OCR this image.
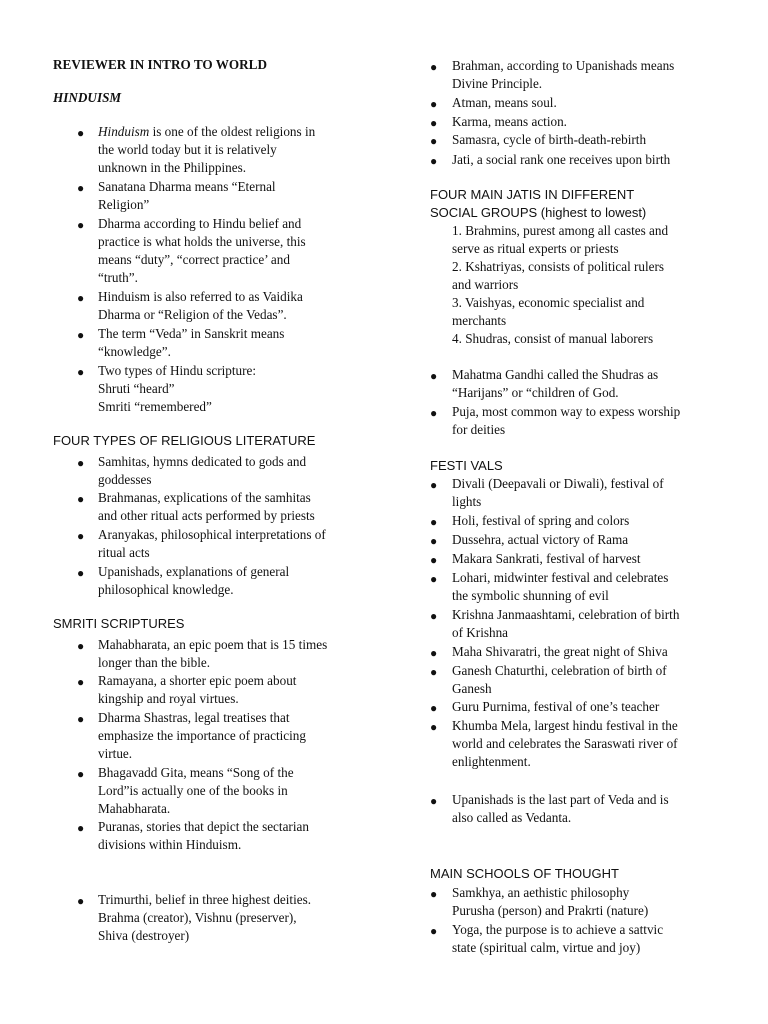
REVIEWER IN INTRO TO WORLD
HINDUISM
● Hinduism is one of the oldest religions in
the world today but it is relatively
unknown in the Philippines.
● Sanatana Dharma means “Eternal
Religion”
● Dharma according to Hindu belief and
practice is what holds the universe, this
means “duty”, “correct practice’ and
“truth”.
● Hinduism is also referred to as Vaidika
Dharma or “Religion of the Vedas”.
● The term “Veda” in Sanskrit means
“knowledge”.
● Two types of Hindu scripture:
Shruti “heard”
Smriti “remembered”
FOUR TYPES OF RELIGIOUS LITERATURE
● Samhitas, hymns dedicated to gods and
goddesses
● Brahmanas, explications of the samhitas
and other ritual acts performed by priests
● Aranyakas, philosophical interpretations of
ritual acts
● Upanishads, explanations of general
philosophical knowledge.
SMRITI SCRIPTURES
● Mahabharata, an epic poem that is 15 times
longer than the bible.
● Ramayana, a shorter epic poem about
kingship and royal virtues.
● Dharma Shastras, legal treatises that
emphasize the importance of practicing
virtue.
● Bhagavadd Gita, means “Song of the
Lord”is actually one of the books in
Mahabharata.
● Puranas, stories that depict the sectarian
divisions within Hinduism.
● Trimurthi, belief in three highest deities.
Brahma (creator), Vishnu (preserver),
Shiva (destroyer)
● Brahman, according to Upanishads means
Divine Principle.
● Atman, means soul.
● Karma, means action.
● Samasra, cycle of birth-death-rebirth
● Jati, a social rank one receives upon birth
FOUR MAIN JATIS IN DIFFERENT
SOCIAL GROUPS (highest to lowest)
1. Brahmins, purest among all castes and
serve as ritual experts or priests
2. Kshatriyas, consists of political rulers
and warriors
3. Vaishyas, economic specialist and
merchants
4. Shudras, consist of manual laborers
● Mahatma Gandhi called the Shudras as
“Harijans” or “children of God.
● Puja, most common way to expess worship
for deities
FESTI VALS
● Divali (Deepavali or Diwali), festival of
lights
● Holi, festival of spring and colors
● Dussehra, actual victory of Rama
● Makara Sankrati, festival of harvest
● Lohari, midwinter festival and celebrates
the symbolic shunning of evil
● Krishna Janmaashtami, celebration of birth
of Krishna
● Maha Shivaratri, the great night of Shiva
● Ganesh Chaturthi, celebration of birth of
Ganesh
● Guru Purnima, festival of one’s teacher
● Khumba Mela, largest hindu festival in the
world and celebrates the Saraswati river of
enlightenment.
● Upanishads is the last part of Veda and is
also called as Vedanta.
MAIN SCHOOLS OF THOUGHT
● Samkhya, an aethistic philosophy
Purusha (person) and Prakrti (nature)
● Yoga, the purpose is to achieve a sattvic
state (spiritual calm, virtue and joy)
